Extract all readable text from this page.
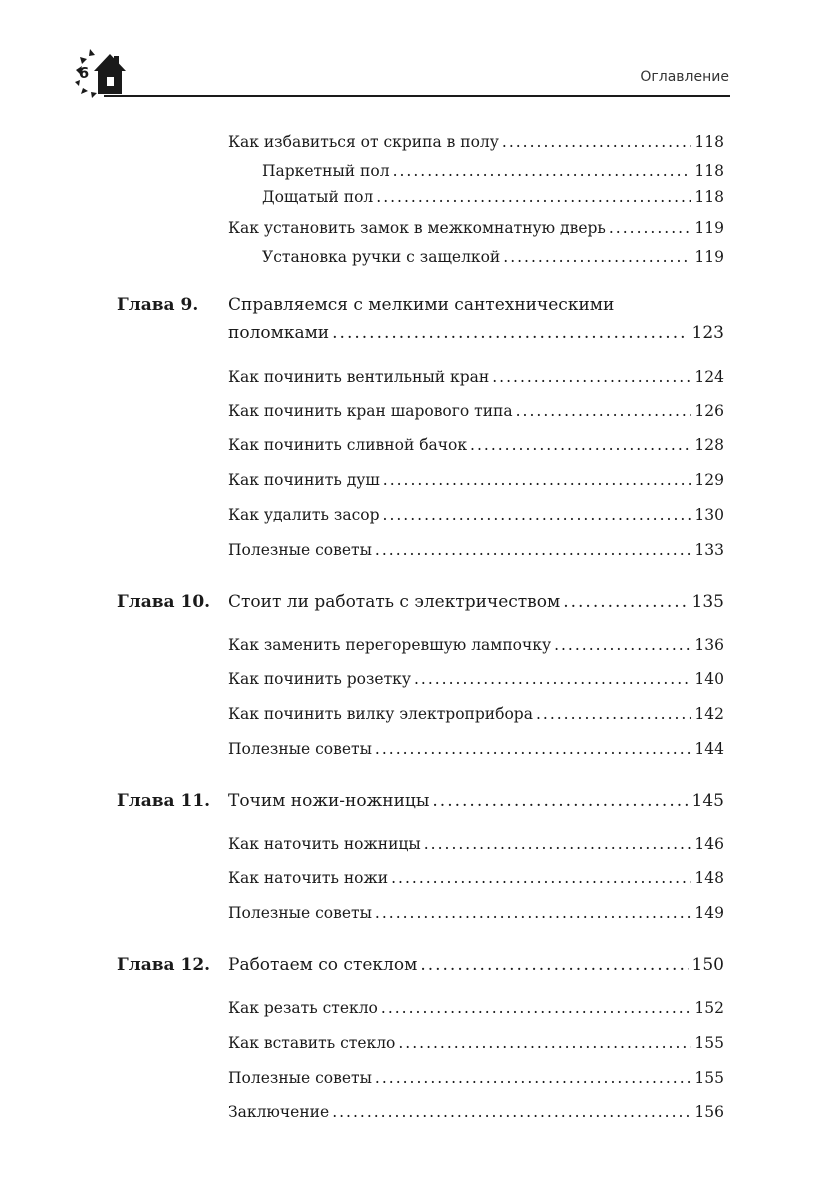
6	Оглавление
Как избавиться от скрипа в полу .....	118
Паркетный пол .....	118
Дощатый пол .....	118
Как установить замок в межкомнатную дверь .....	119
Установка ручки с защелкой .....	119
Глава 9. Справляемся с мелкими сантехническими
поломками .....	123
Как починить вентильный кран .....	124
Как починить кран шарового типа .....	126
Как починить сливной бачок .....	128
Как починить душ .....	129
Как удалить засор .....	130
Полезные советы .....	133
Глава 10. Стоит ли работать с электричеством .....	135
Как заменить перегоревшую лампочку .....	136
Как починить розетку .....	140
Как починить вилку электроприбора .....	142
Полезные советы .....	144
Глава 11. Точим ножи-ножницы .....	145
Как наточить ножницы .....	146
Как наточить ножи .....	148
Полезные советы .....	149
Глава 12. Работаем со стеклом .....	150
Как резать стекло .....	152
Как вставить стекло .....	155
Полезные советы .....	155
Заключение .....	156
